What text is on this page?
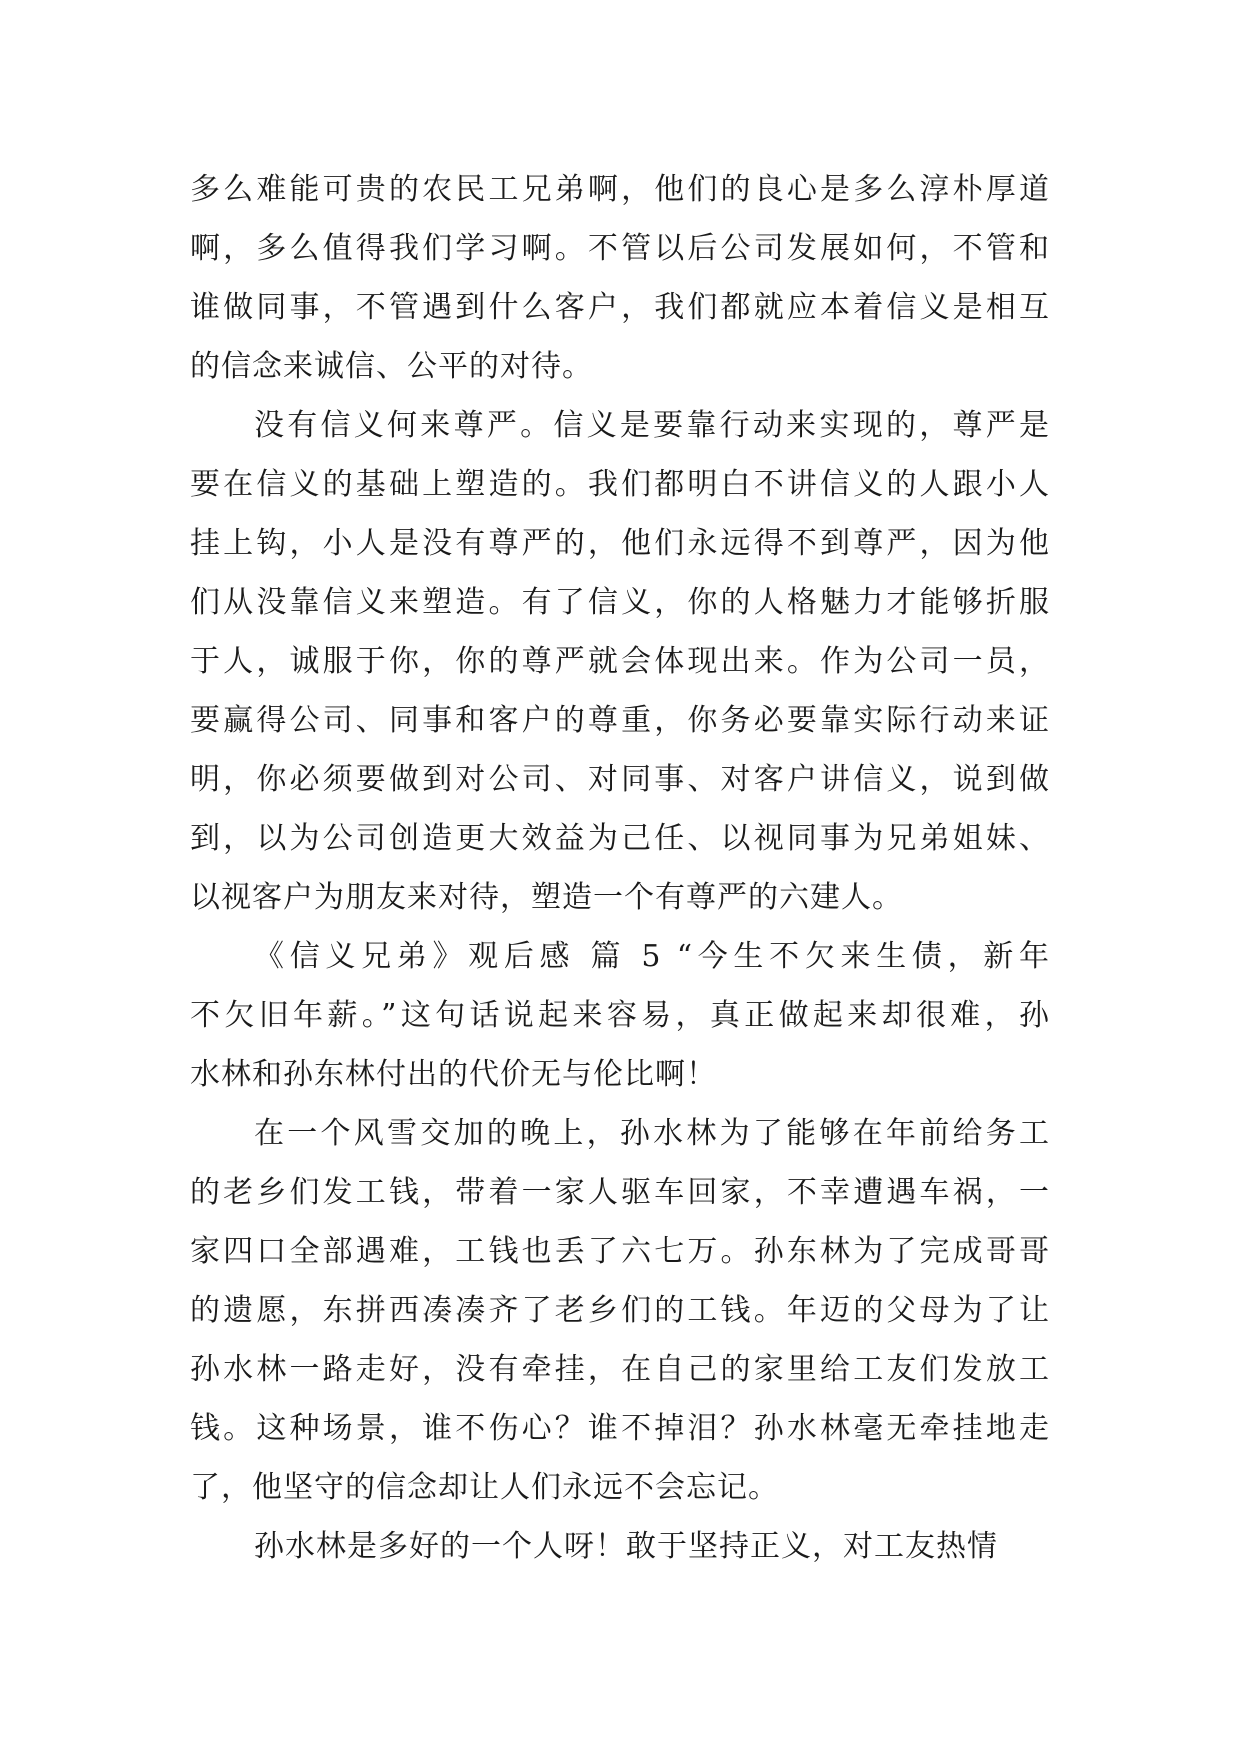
多么难能可贵的农民工兄弟啊，他们的良心是多么淳朴厚道
啊，多么值得我们学习啊。不管以后公司发展如何，不管和
谁做同事，不管遇到什么客户，我们都就应本着信义是相互
的信念来诚信、公平的对待。
没有信义何来尊严。信义是要靠行动来实现的，尊严是
要在信义的基础上塑造的。我们都明白不讲信义的人跟小人
挂上钩，小人是没有尊严的，他们永远得不到尊严，因为他
们从没靠信义来塑造。有了信义，你的人格魅力才能够折服
于人，诚服于你，你的尊严就会体现出来。作为公司一员，
要赢得公司、同事和客户的尊重，你务必要靠实际行动来证
明，你必须要做到对公司、对同事、对客户讲信义，说到做
到，以为公司创造更大效益为己任、以视同事为兄弟姐妹、
以视客户为朋友来对待，塑造一个有尊严的六建人。
《信义兄弟》观后感 篇 5 “今生不欠来生债，新年
不欠旧年薪。”这句话说起来容易，真正做起来却很难，孙
水林和孙东林付出的代价无与伦比啊！
在一个风雪交加的晚上，孙水林为了能够在年前给务工
的老乡们发工钱，带着一家人驱车回家，不幸遭遇车祸，一
家四口全部遇难，工钱也丢了六七万。孙东林为了完成哥哥
的遗愿，东拼西凑凑齐了老乡们的工钱。年迈的父母为了让
孙水林一路走好，没有牵挂，在自己的家里给工友们发放工
钱。这种场景，谁不伤心？谁不掉泪？孙水林毫无牵挂地走
了，他坚守的信念却让人们永远不会忘记。
孙水林是多好的一个人呀！敢于坚持正义，对工友热情
